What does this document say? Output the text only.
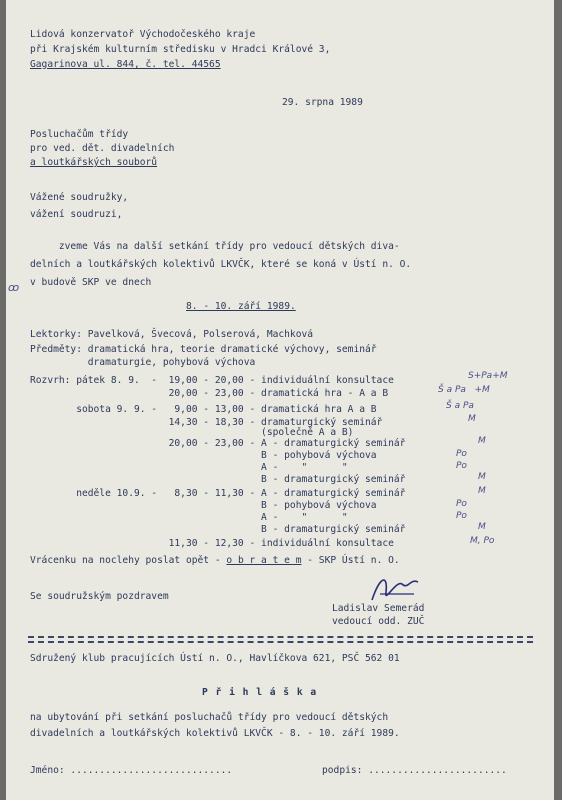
Lidová konzervatoř Východočeského kraje
při Krajském kulturním středisku v Hradci Králové 3,
Gagarinova ul. 844, č. tel. 44565
29. srpna 1989
Posluchačům třídy
pro ved. dět. divadelních
a loutkářských souborů
Vážené soudružky,
vážení soudruzi,
zveme Vás na další setkání třídy pro vedoucí dětských diva-
delních a loutkářských kolektivů LKVČK, které se koná v Ústí n. O.
v budově SKP ve dnech
8. - 10. září 1989.
Lektorky: Pavelková, Švecová, Polserová, Machková
Předměty: dramatická hra, teorie dramatické výchovy, seminář
dramaturgie, pohybová výchova
Rozvrh: pátek 8. 9.  -  19,00 - 20,00 - individuální konsultace
20,00 - 23,00 - dramatická hra - A a B
sobota 9. 9. -   9,00 - 13,00 - dramatická hra A a B
14,30 - 18,30 - dramaturgický seminář
(společně A a B)
20,00 - 23,00 - A - dramaturgický seminář
B - pohybová výchova
A -    "      "
B - dramaturgický seminář
neděle 10.9. -   8,30 - 11,30 - A - dramaturgický seminář
B - pohybová výchova
A -    "      "
B - dramaturgický seminář
11,30 - 12,30 - individuální konsultace
S+Pa+M
Š a Pa   +M
Š a Pa
M
M
Po
Po
M
M
Po
Po
M
M, Po
Vrácenku na noclehy poslat opět - o b r a t e m - SKP Ústí n. O.
Se soudružským pozdravem
Ladislav Semerád
vedoucí odd. ZUČ
Sdružený klub pracujících Ústí n. O., Havlíčkova 621, PSČ 562 01
P ř i h l á š k a
na ubytování při setkání posluchačů třídy pro vedoucí dětských
divadelních a loutkářských kolektivů LKVČK - 8. - 10. září 1989.
Jméno: ............................	podpis: ........................
ꝏ
